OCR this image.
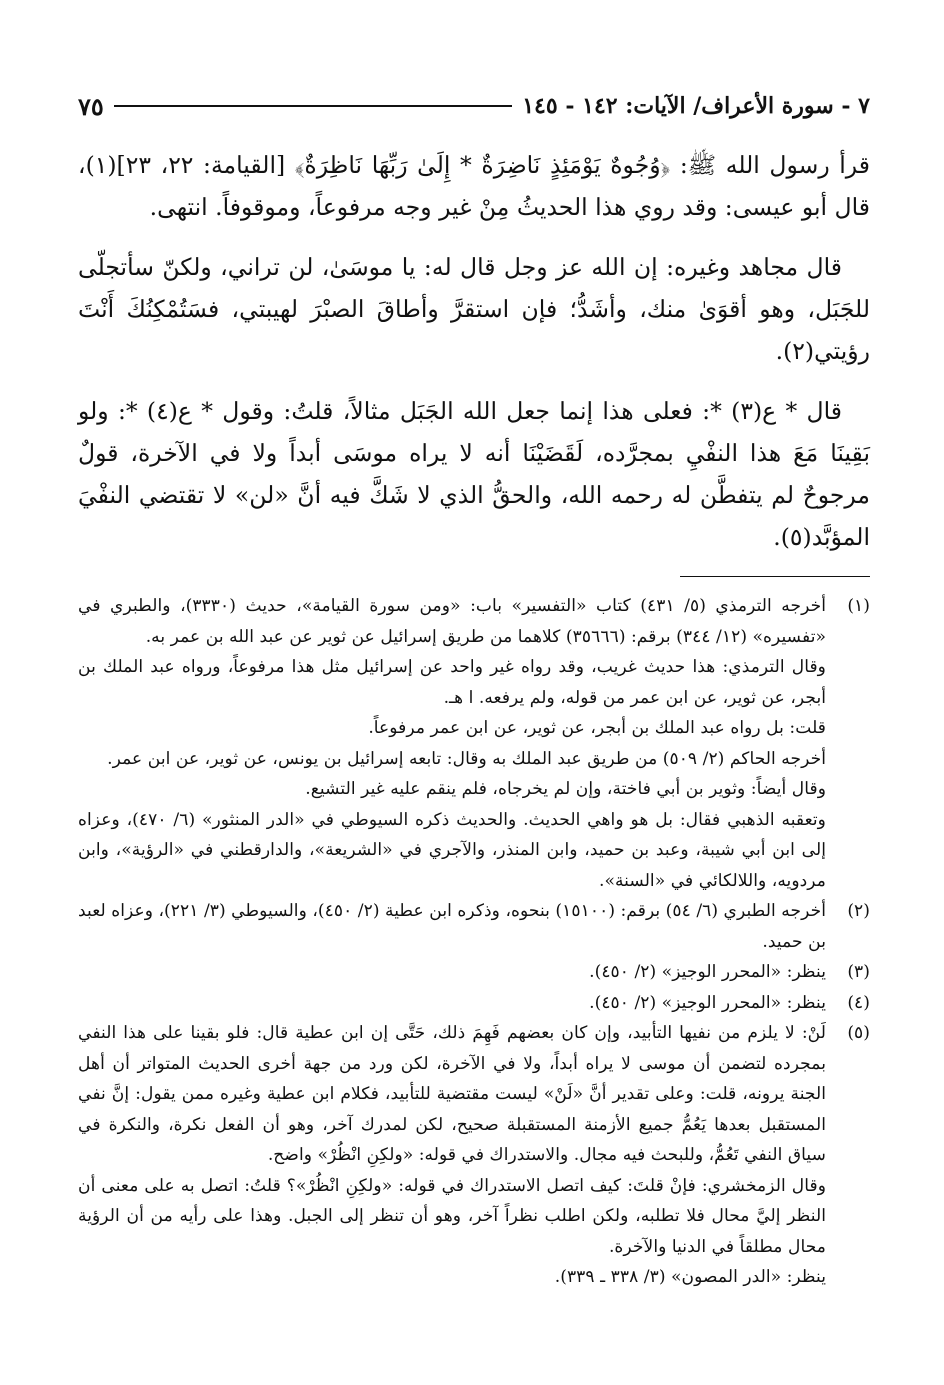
٧ - سورة الأعراف/ الآيات: ١٤٢ - ١٤٥
٧٥

قرأ رسول الله ﷺ: ﴿وُجُوهٌ يَوْمَئِذٍ نَاضِرَةٌ * إِلَىٰ رَبِّهَا نَاظِرَةٌ﴾ [القيامة: ٢٢، ٢٣](١)، قال أبو عيسى: وقد روي هذا الحديثُ مِنْ غير وجه مرفوعاً، وموقوفاً. انتهى.

قال مجاهد وغيره: إن الله عز وجل قال له: يا موسَىٰ، لن تراني، ولكنّ سأتجلّى للجَبَل، وهو أقوَىٰ منك، وأشَدُّ؛ فإن استقرَّ وأطاقَ الصبْرَ لهيبتي، فسَتُمْكِنُكَ أَنْتَ رؤيتي(٢).

قال * ع(٣) *: فعلى هذا إنما جعل الله الجَبَل مثالاً، قلتُ: وقول * ع(٤) *: ولو بَقِينَا مَعَ هذا النفْيِ بمجرَّده، لَقَضَيْنَا أنه لا يراه موسَى أبداً ولا في الآخرة، قولٌ مرجوحٌ لم يتفطَّن له رحمه الله، والحقُّ الذي لا شَكَّ فيه أنَّ «لن» لا تقتضي النفْيَ المؤبَّد(٥).

(١)
أخرجه الترمذي (٥/ ٤٣١) كتاب «التفسير» باب: «ومن سورة القيامة»، حديث (٣٣٣٠)، والطبري في «تفسيره» (١٢/ ٣٤٤) برقم: (٣٥٦٦٦) كلاهما من طريق إسرائيل عن ثوير عن عبد الله بن عمر به.
وقال الترمذي: هذا حديث غريب، وقد رواه غير واحد عن إسرائيل مثل هذا مرفوعاً، ورواه عبد الملك بن أبجر، عن ثوير، عن ابن عمر من قوله، ولم يرفعه. ا هـ.
قلت: بل رواه عبد الملك بن أبجر، عن ثوير، عن ابن عمر مرفوعاً.
أخرجه الحاكم (٢/ ٥٠٩) من طريق عبد الملك به وقال: تابعه إسرائيل بن يونس، عن ثوير، عن ابن عمر.
وقال أيضاً: وثوير بن أبي فاختة، وإن لم يخرجاه، فلم ينقم عليه غير التشيع.
وتعقبه الذهبي فقال: بل هو واهي الحديث. والحديث ذكره السيوطي في «الدر المنثور» (٦/ ٤٧٠)، وعزاه إلى ابن أبي شيبة، وعبد بن حميد، وابن المنذر، والآجري في «الشريعة»، والدارقطني في «الرؤية»، وابن مردويه، واللالكائي في «السنة».
(٢)
أخرجه الطبري (٦/ ٥٤) برقم: (١٥١٠٠) بنحوه، وذكره ابن عطية (٢/ ٤٥٠)، والسيوطي (٣/ ٢٢١)، وعزاه لعبد بن حميد.
(٣)
ينظر: «المحرر الوجيز» (٢/ ٤٥٠).
(٤)
ينظر: «المحرر الوجيز» (٢/ ٤٥٠).
(٥)
لَنْ: لا يلزم من نفيها التأبيد، وإن كان بعضهم فَهِمَ ذلك، حَتَّى إن ابن عطية قال: فلو بقينا على هذا النفي بمجرده لتضمن أن موسى لا يراه أبداً، ولا في الآخرة، لكن ورد من جهة أخرى الحديث المتواتر أن أهل الجنة يرونه، قلت: وعلى تقدير أنَّ «لَنْ» ليست مقتضية للتأبيد، فكلام ابن عطية وغيره ممن يقول: إنَّ نفي المستقبل بعدها يَعُمُّ جميع الأزمنة المستقبلة صحيح، لكن لمدرك آخر، وهو أن الفعل نكرة، والنكرة في سياق النفي تَعُمُّ، وللبحث فيه مجال. والاستدراك في قوله: «ولكِنِ انْظُرْ» واضح.
وقال الزمخشري: فإنْ قلتَ: كيف اتصل الاستدراك في قوله: «ولكِنِ انْظُرْ»؟ قلتُ: اتصل به على معنى أن النظر إليَّ محال فلا تطلبه، ولكن اطلب نظراً آخر، وهو أن تنظر إلى الجبل. وهذا على رأيه من أن الرؤية محال مطلقاً في الدنيا والآخرة.
ينظر: «الدر المصون» (٣/ ٣٣٨ ـ ٣٣٩).
